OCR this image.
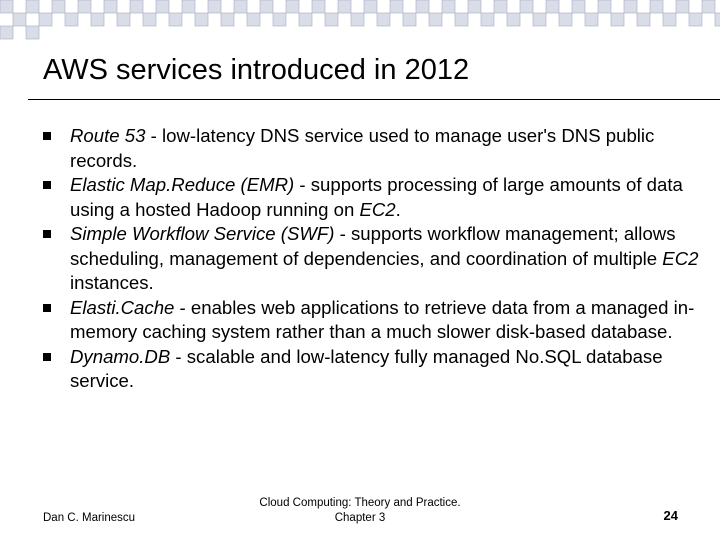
AWS services introduced in 2012
Route 53 - low-latency DNS service used to manage user's DNS public records.
Elastic Map.Reduce (EMR) - supports processing of large amounts of data using a hosted Hadoop running on EC2.
Simple Workflow Service (SWF) - supports workflow management; allows scheduling, management of dependencies, and coordination of multiple EC2 instances.
Elasti.Cache - enables web applications to retrieve data from a managed in-memory caching system rather than a much slower disk-based database.
Dynamo.DB - scalable and low-latency fully managed No.SQL database service.
Dan C. Marinescu
Cloud Computing: Theory and Practice.
Chapter 3	24
